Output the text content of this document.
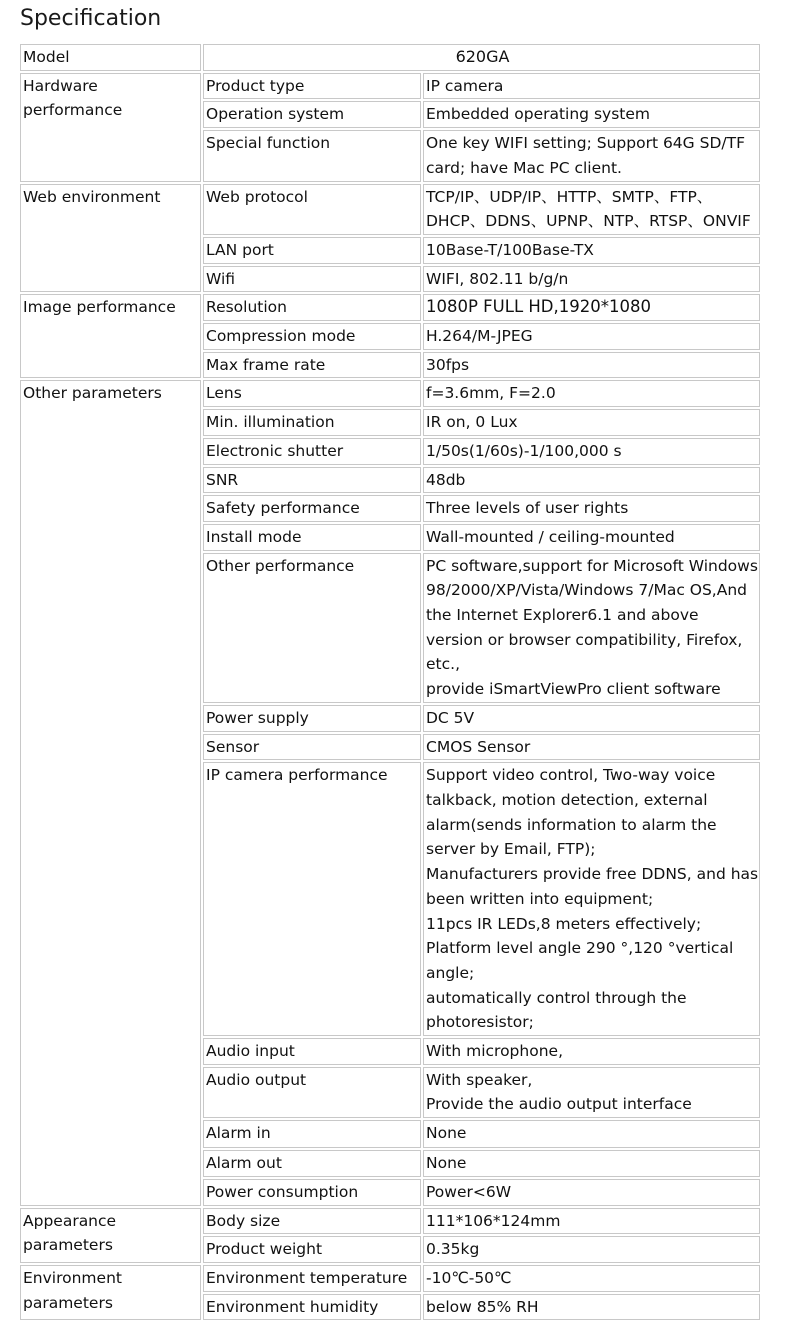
Specification
Model	620GA	
Hardware performance	Product type	IP camera
	Operation system	Embedded operating system
	Special function	One key WIFI setting; Support 64G SD/TF card; have Mac PC client.
Web environment	Web protocol	TCP/IP、UDP/IP、HTTP、SMTP、FTP、DHCP、DDNS、UPNP、NTP、RTSP、ONVIF
	LAN port	10Base-T/100Base-TX
	Wifi	WIFI, 802.11 b/g/n
Image performance	Resolution	1080P FULL HD,1920*1080
	Compression mode	H.264/M-JPEG
	Max frame rate	30fps
Other parameters	Lens	f=3.6mm, F=2.0
	Min. illumination	IR on, 0 Lux
	Electronic shutter	1/50s(1/60s)-1/100,000 s
	SNR	48db
	Safety performance	Three levels of user rights
	Install mode	Wall-mounted / ceiling-mounted
	Other performance	PC software,support for Microsoft Windows 98/2000/XP/Vista/Windows 7/Mac OS,And the Internet Explorer6.1 and above version or browser compatibility, Firefox, etc.,
provide iSmartViewPro client software

	Power supply	DC 5V
	Sensor	CMOS Sensor
	IP camera performance	Support video control, Two-way voice talkback, motion detection, external alarm(sends information to alarm the server by Email, FTP);
Manufacturers provide free DDNS, and has been written into equipment;
11pcs IR LEDs,8 meters effectively;
Platform level angle 290 °,120 °vertical angle;
automatically control through the photoresistor;

	Audio input	With microphone,
	Audio output	With speaker,
Provide the audio output interface

	Alarm in	None
	Alarm out	None
	Power consumption	Power<6W
Appearance parameters	Body size	111*106*124mm
	Product weight	0.35kg
Environment parameters	Environment temperature	-10℃-50℃
	Environment humidity	below 85% RH
